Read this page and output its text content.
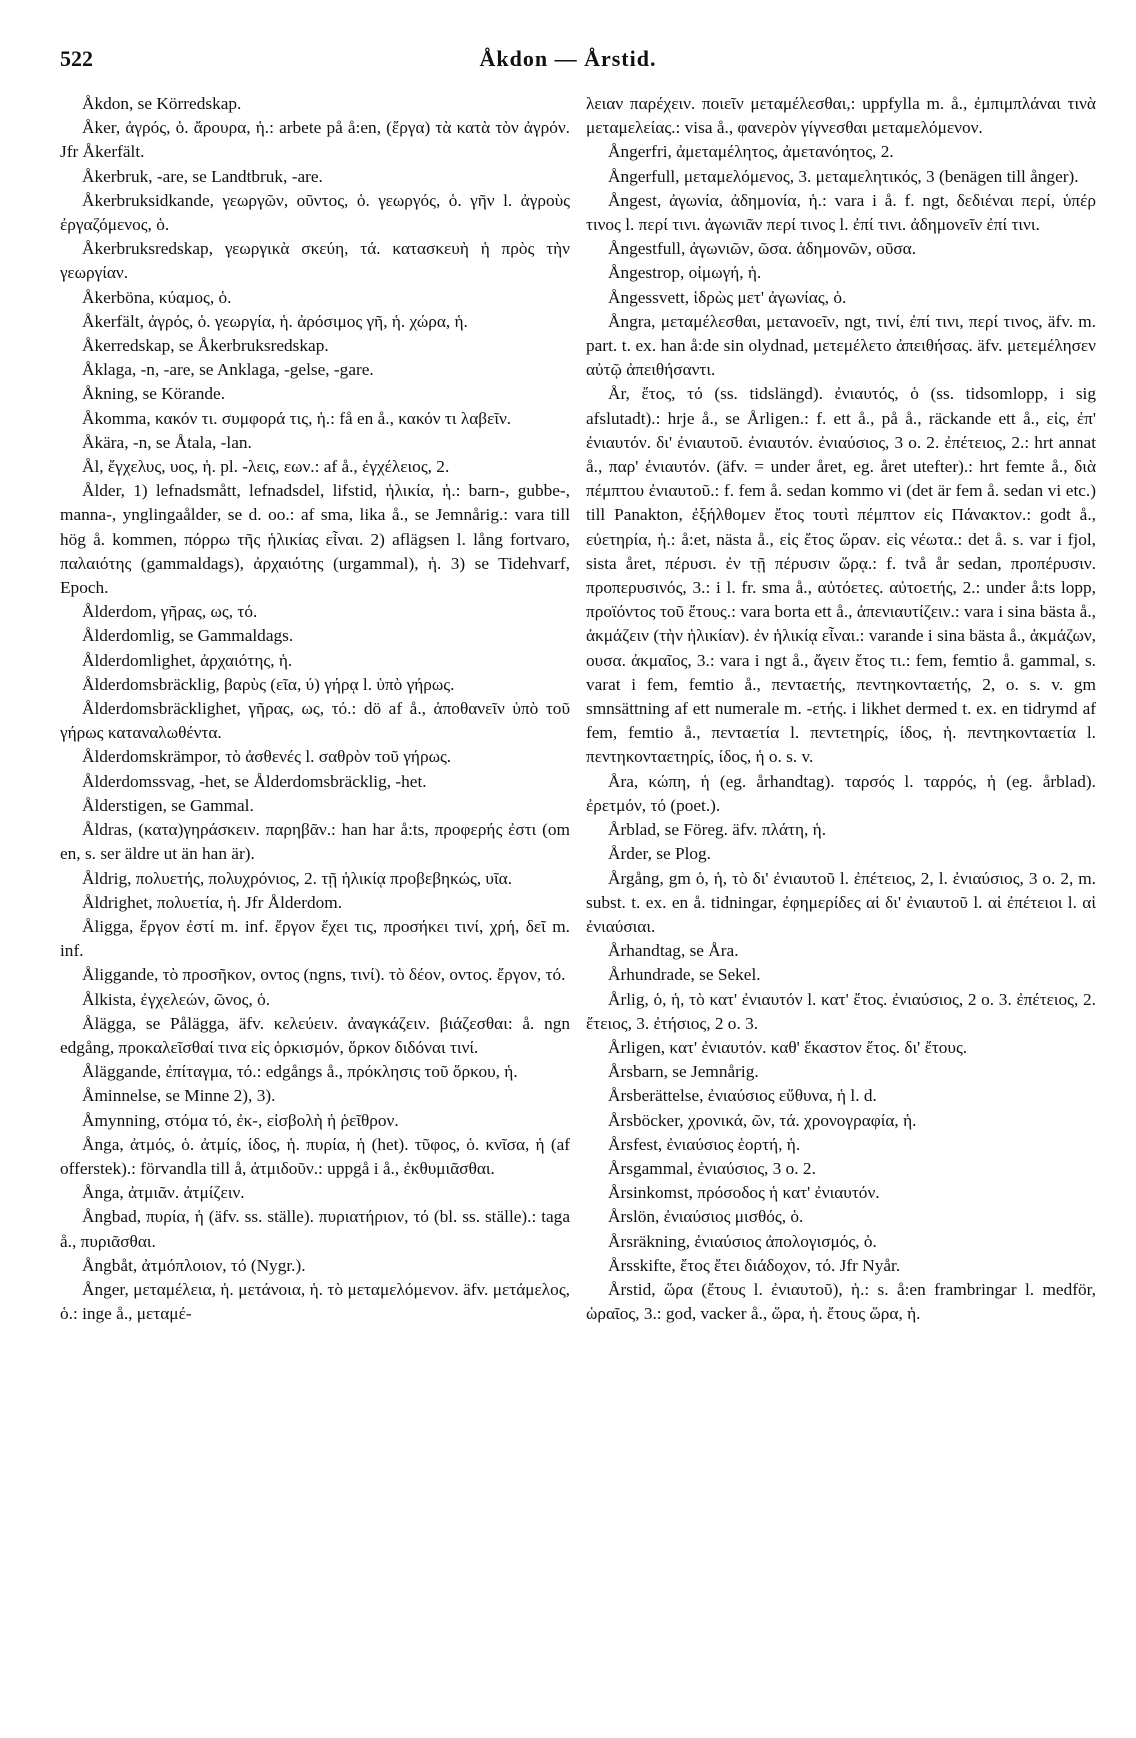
522	Åkdon — Årstid.

Åkdon, se Körredskap.

Åker, ἀγρός, ὁ. ἄρουρα, ἡ.: arbete på å:en, (ἔργα) τὰ κατὰ τὸν ἀγρόν. Jfr Åkerfält.

Åkerbruk, -are, se Landtbruk, -are.

Åkerbruksidkande, γεωργῶν, οῦντος, ὁ. γεωργός, ὁ. γῆν l. ἀγροὺς ἐργαζόμενος, ὁ.

Åkerbruksredskap, γεωργικὰ σκεύη, τά. κατασκευὴ ἡ πρὸς τὴν γεωργίαν.

Åkerböna, κύαμος, ὁ.

Åkerfält, ἀγρός, ὁ. γεωργία, ἡ. ἀρόσιμος γῆ, ἡ. χώρα, ἡ.

Åkerredskap, se Åkerbruksredskap.

Åklaga, -n, -are, se Anklaga, -gelse, -gare.

Åkning, se Körande.

Åkomma, κακόν τι. συμφορά τις, ἡ.: få en å., κακόν τι λαβεῖν.

Åkära, -n, se Åtala, -lan.

Ål, ἔγχελυς, υος, ἡ. pl. -λεις, εων.: af å., ἐγχέλειος, 2.

Ålder, 1) lefnadsmått, lefnadsdel, lifstid, ἡλικία, ἡ.: barn-, gubbe-, manna-, ynglingaålder, se d. oo.: af sma, lika å., se Jemnårig.: vara till hög å. kommen, πόρρω τῆς ἡλικίας εἶναι. 2) aflägsen l. lång fortvaro, παλαιότης (gammaldags), ἀρχαιότης (urgammal), ἡ. 3) se Tidehvarf, Epoch.

Ålderdom, γῆρας, ως, τό.

Ålderdomlig, se Gammaldags.

Ålderdomlighet, ἀρχαιότης, ἡ.

Ålderdomsbräcklig, βαρὺς (εῖα, ύ) γήρᾳ l. ὑπὸ γήρως.

Ålderdomsbräcklighet, γῆρας, ως, τό.: dö af å., ἀποθανεῖν ὑπὸ τοῦ γήρως καταναλωθέντα.

Ålderdomskrämpor, τὸ ἀσθενές l. σαθρὸν τοῦ γήρως.

Ålderdomssvag, -het, se Ålderdomsbräcklig, -het.

Ålderstigen, se Gammal.

Åldras, (κατα)γηράσκειν. παρηβᾶν.: han har å:ts, προφερής ἐστι (om en, s. ser äldre ut än han är).

Åldrig, πολυετής, πολυχρόνιος, 2. τῇ ἡλικίᾳ προβεβηκώς, υῖα.

Åldrighet, πολυετία, ἡ. Jfr Ålderdom.

Åligga, ἔργον ἐστί m. inf. ἔργον ἔχει τις, προσήκει τινί, χρή, δεῖ m. inf.

Åliggande, τὸ προσῆκον, οντος (ngns, τινί). τὸ δέον, οντος. ἔργον, τό.

Ålkista, ἐγχελεών, ῶνος, ὁ.

Ålägga, se Pålägga, äfv. κελεύειν. ἀναγκάζειν. βιάζεσθαι: å. ngn edgång, προκαλεῖσθαί τινα εἰς ὁρκισμόν, ὅρκον διδόναι τινί.

Åläggande, ἐπίταγμα, τό.: edgångs å., πρόκλησις τοῦ ὅρκου, ἡ.

Åminnelse, se Minne 2), 3).

Åmynning, στόμα τό, ἐκ-, εἰσβολὴ ἡ ῥεῖθρον.

Ånga, ἀτμός, ὁ. ἀτμίς, ίδος, ἡ. πυρία, ἡ (het). τῦφος, ὁ. κνῖσα, ἡ (af offerstek).: förvandla till å, ἀτμιδοῦν.: uppgå i å., ἐκθυμιᾶσθαι.

Ånga, ἀτμιᾶν. ἀτμίζειν.

Ångbad, πυρία, ἡ (äfv. ss. ställe). πυριατήριον, τό (bl. ss. ställe).: taga å., πυριᾶσθαι.

Ångbåt, ἀτμόπλοιον, τό (Nygr.).

Ånger, μεταμέλεια, ἡ. μετάνοια, ἡ. τὸ μεταμελόμενον. äfv. μετάμελος, ὁ.: inge å., μεταμέ-

λειαν παρέχειν. ποιεῖν μεταμέλεσθαι,: uppfylla m. å., ἐμπιμπλάναι τινὰ μεταμελείας.: visa å., φανερὸν γίγνεσθαι μεταμελόμενον.

Ångerfri, ἀμεταμέλητος, ἀμετανόητος, 2.

Ångerfull, μεταμελόμενος, 3. μεταμελητικός, 3 (benägen till ånger).

Ångest, ἀγωνία, ἀδημονία, ἡ.: vara i å. f. ngt, δεδιέναι περί, ὑπέρ τινος l. περί τινι. ἀγωνιᾶν περί τινος l. ἐπί τινι. ἀδημονεῖν ἐπί τινι.

Ångestfull, ἀγωνιῶν, ῶσα. ἀδημονῶν, οῦσα.

Ångestrop, οἰμωγή, ἡ.

Ångessvett, ἱδρὼς μετ' ἀγωνίας, ὁ.

Ångra, μεταμέλεσθαι, μετανοεῖν, ngt, τινί, ἐπί τινι, περί τινος, äfv. m. part. t. ex. han å:de sin olydnad, μετεμέλετο ἀπειθήσας. äfv. μετεμέλησεν αὐτῷ ἀπειθήσαντι.

År, ἔτος, τό (ss. tidslängd). ἐνιαυτός, ὁ (ss. tidsomlopp, i sig afslutadt).: hrje å., se Årligen.: f. ett å., på å., räckande ett å., εἰς, ἐπ' ἐνιαυτόν. δι' ἐνιαυτοῦ. ἐνιαυτόν. ἐνιαύσιος, 3 o. 2. ἐπέτειος, 2.: hrt annat å., παρ' ἐνιαυτόν. (äfv. = under året, eg. året utefter).: hrt femte å., διὰ πέμπτου ἐνιαυτοῦ.: f. fem å. sedan kommo vi (det är fem å. sedan vi etc.) till Panakton, ἐξήλθομεν ἔτος τουτὶ πέμπτον εἰς Πάνακτον.: godt å., εὐετηρία, ἡ.: å:et, nästa å., εἰς ἔτος ὥραν. εἰς νέωτα.: det å. s. var i fjol, sista året, πέρυσι. ἐν τῇ πέρυσιν ὥρᾳ.: f. två år sedan, προπέρυσιν. προπερυσινός, 3.: i l. fr. sma å., αὐτόετες. αὐτοετής, 2.: under å:ts lopp, προϊόντος τοῦ ἔτους.: vara borta ett å., ἀπενιαυτίζειν.: vara i sina bästa å., ἀκμάζειν (τὴν ἡλικίαν). ἐν ἡλικίᾳ εἶναι.: varande i sina bästa å., ἀκμάζων, ουσα. ἀκμαῖος, 3.: vara i ngt å., ἄγειν ἔτος τι.: fem, femtio å. gammal, s. varat i fem, femtio å., πενταετής, πεντηκονταετής, 2, o. s. v. gm smnsättning af ett numerale m. -ετής. i likhet dermed t. ex. en tidrymd af fem, femtio å., πενταετία l. πεντετηρίς, ίδος, ἡ. πεντηκονταετία l. πεντηκονταετηρίς, ίδος, ἡ o. s. v.

Åra, κώπη, ἡ (eg. århandtag). ταρσός l. ταρρός, ἡ (eg. årblad). ἐρετμόν, τό (poet.).

Årblad, se Föreg. äfv. πλάτη, ἡ.

Årder, se Plog.

Årgång, gm ὁ, ἡ, τὸ δι' ἐνιαυτοῦ l. ἐπέτειος, 2, l. ἐνιαύσιος, 3 o. 2, m. subst. t. ex. en å. tidningar, ἐφημερίδες αἱ δι' ἐνιαυτοῦ l. αἱ ἐπέτειοι l. αἱ ἐνιαύσιαι.

Århandtag, se Åra.

Århundrade, se Sekel.

Årlig, ὁ, ἡ, τὸ κατ' ἐνιαυτόν l. κατ' ἔτος. ἐνιαύσιος, 2 o. 3. ἐπέτειος, 2. ἔτειος, 3. ἐτήσιος, 2 o. 3.

Årligen, κατ' ἐνιαυτόν. καθ' ἕκαστον ἔτος. δι' ἔτους.

Årsbarn, se Jemnårig.

Årsberättelse, ἐνιαύσιος εὔθυνα, ἡ l. d.

Årsböcker, χρονικά, ῶν, τά. χρονογραφία, ἡ.

Årsfest, ἐνιαύσιος ἑορτή, ἡ.

Årsgammal, ἐνιαύσιος, 3 o. 2.

Årsinkomst, πρόσοδος ἡ κατ' ἐνιαυτόν.

Årslön, ἐνιαύσιος μισθός, ὁ.

Årsräkning, ἐνιαύσιος ἀπολογισμός, ὁ.

Årsskifte, ἔτος ἔτει διάδοχον, τό. Jfr Nyår.

Årstid, ὥρα (ἔτους l. ἐνιαυτοῦ), ἡ.: s. å:en frambringar l. medför, ὡραῖος, 3.: god, vacker å., ὥρα, ἡ. ἔτους ὥρα, ἡ.
